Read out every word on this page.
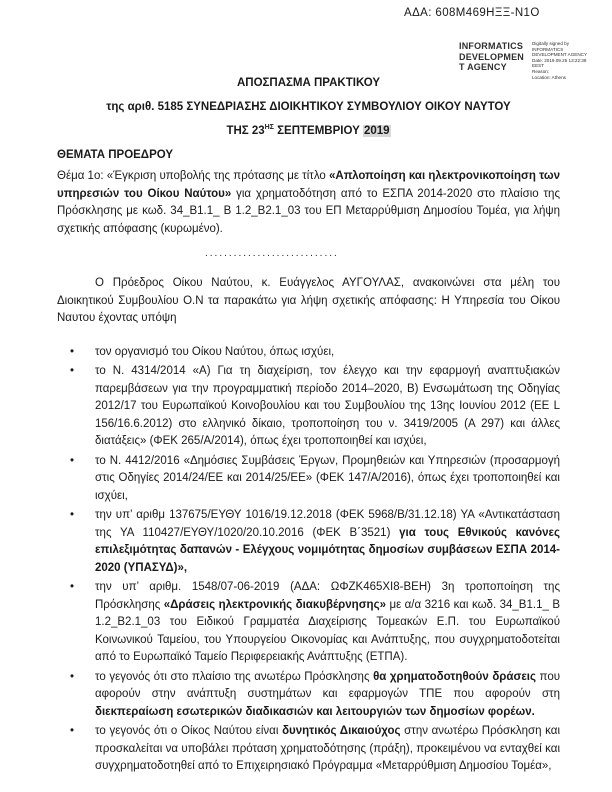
ΑΔΑ: 608Μ469ΗΞΞ-Ν1Ο
INFORMATICS
DEVELOPMEN
T AGENCY
Digitally signed by
INFORMATICS
DEVELOPMENT AGENCY
Date: 2019.09.25 13:22:38
EEST
Reason:
Location: Athens
ΑΠΟΣΠΑΣΜΑ ΠΡΑΚΤΙΚΟΥ
της αριθ. 5185 ΣΥΝΕΔΡΙΑΣΗΣ ΔΙΟΙΚΗΤΙΚΟΥ ΣΥΜΒΟΥΛΙΟΥ ΟΙΚΟΥ ΝΑΥΤΟΥ
ΤΗΣ $23^{H\Sigma}$ ΣΕΠΤΕΜΒΡΙΟΥ 2019
ΘΕΜΑΤΑ ΠΡΟΕΔΡΟΥ

Θέμα 1ο: «Έγκριση υποβολής της πρότασης με τίτλο «Απλοποίηση και ηλεκτρονικοποίηση των υπηρεσιών του Οίκου Ναύτου» για χρηματοδότηση από το ΕΣΠΑ 2014-2020 στο πλαίσιο της Πρόσκλησης με κωδ. 34_Β1.1_ Β 1.2_Β2.1_03 του ΕΠ Μεταρρύθμιση Δημοσίου Τομέα, για λήψη σχετικής απόφασης (κυρωμένο).

............................

Ο Πρόεδρος Οίκου Ναύτου, κ. Ευάγγελος ΑΥΓΟΥΛΑΣ, ανακοινώνει στα μέλη του Διοικητικού Συμβουλίου Ο.Ν τα παρακάτω για λήψη σχετικής απόφασης: Η Υπηρεσία του Οίκου Ναυτου έχοντας υπόψη

• τον οργανισμό του Οίκου Ναύτου, όπως ισχύει,
• το Ν. 4314/2014 «Α) Για τη διαχείριση, τον έλεγχο και την εφαρμογή αναπτυξιακών παρεμβάσεων για την προγραμματική περίοδο 2014–2020, Β) Ενσωμάτωση της Οδηγίας 2012/17 του Ευρωπαϊκού Κοινοβουλίου και του Συμβουλίου της 13ης Ιουνίου 2012 (ΕΕ L 156/16.6.2012) στο ελληνικό δίκαιο, τροποποίηση του ν. 3419/2005 (Α 297) και άλλες διατάξεις» (ΦΕΚ 265/Α/2014), όπως έχει τροποποιηθεί και ισχύει,
• το Ν. 4412/2016 «Δημόσιες Συμβάσεις Έργων, Προμηθειών και Υπηρεσιών (προσαρμογή στις Οδηγίες 2014/24/ΕΕ και 2014/25/ΕΕ» (ΦΕΚ 147/Α/2016), όπως έχει τροποποιηθεί και ισχύει,
• την υπ’ αριθμ 137675/ΕΥΘΥ 1016/19.12.2018 (ΦΕΚ 5968/Β/31.12.18) ΥΑ «Αντικατάσταση της ΥΑ 110427/ΕΥΘΥ/1020/20.10.2016 (ΦΕΚ Β΄3521) για τους Εθνικούς κανόνες επιλεξιμότητας δαπανών - Ελέγχους νομιμότητας δημοσίων συμβάσεων ΕΣΠΑ 2014-2020 (ΥΠΑΣΥΔ)»,
• την υπ’ αριθμ. 1548/07-06-2019 (ΑΔΑ: ΩΦΖΚ465ΧΙ8-ΒΕΗ) 3η τροποποίηση της Πρόσκλησης «Δράσεις ηλεκτρονικής διακυβέρνησης» με α/α 3216 και κωδ. 34_Β1.1_ Β 1.2_Β2.1_03 του Ειδικού Γραμματέα Διαχείρισης Τομεακών Ε.Π. του Ευρωπαϊκού Κοινωνικού Ταμείου, του Υπουργείου Οικονομίας και Ανάπτυξης, που συγχρηματοδοτείται από το Ευρωπαϊκό Ταμείο Περιφερειακής Ανάπτυξης (ΕΤΠΑ).
• το γεγονός ότι στο πλαίσιο της ανωτέρω Πρόσκλησης θα χρηματοδοτηθούν δράσεις που αφορούν στην ανάπτυξη συστημάτων και εφαρμογών ΤΠΕ που αφορούν στη διεκπεραίωση εσωτερικών διαδικασιών και λειτουργιών των δημοσίων φορέων.
• το γεγονός ότι ο Οίκος Ναύτου είναι δυνητικός Δικαιούχος στην ανωτέρω Πρόσκληση και προσκαλείται να υποβάλει πρόταση χρηματοδότησης (πράξη), προκειμένου να ενταχθεί και συγχρηματοδοτηθεί από το Επιχειρησιακό Πρόγραμμα «Μεταρρύθμιση Δημοσίου Τομέα»,
